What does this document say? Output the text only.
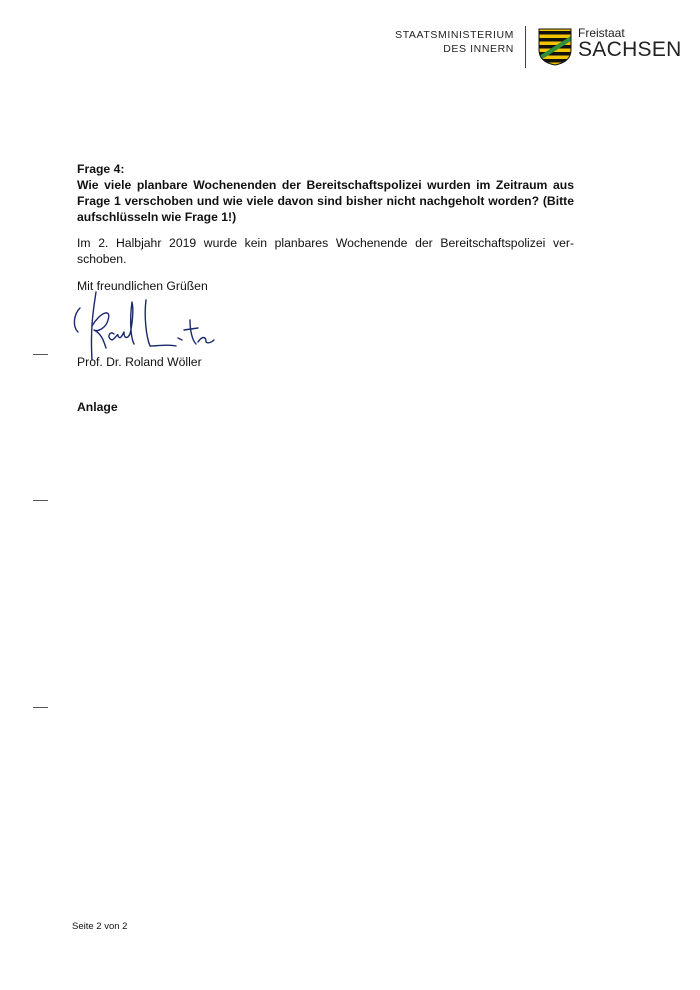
STAATSMINISTERIUM
DES INNERN
Freistaat
SACHSEN
Frage 4:
Wie viele planbare Wochenenden der Bereitschaftspolizei wurden im Zeitraum aus Frage 1 verschoben und wie viele davon sind bisher nicht nachgeholt worden? (Bitte aufschlüsseln wie Frage 1!)
Im 2. Halbjahr 2019 wurde kein planbares Wochenende der Bereitschaftspolizei verschoben.
Mit freundlichen Grüßen
Prof. Dr. Roland Wöller
Anlage
Seite 2 von 2
